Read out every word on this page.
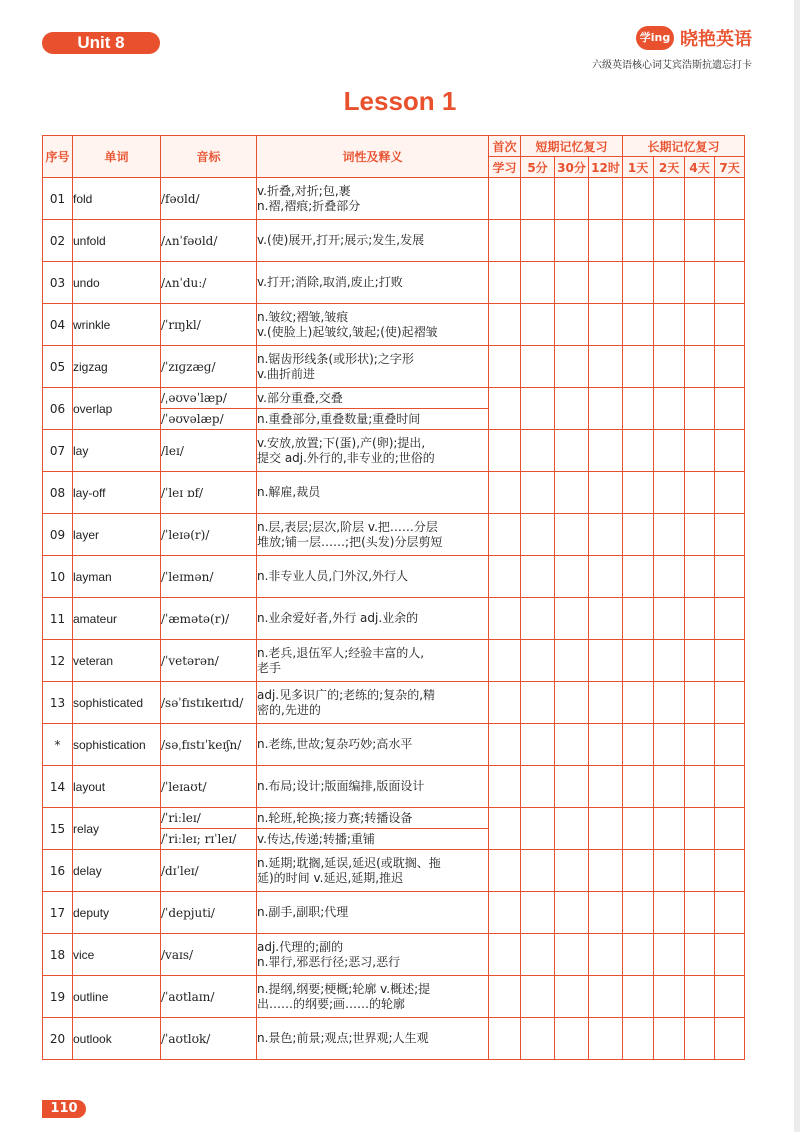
Unit 8	学ing 晓艳英语
六级英语核心词艾宾浩斯抗遗忘打卡
Lesson 1
序号	单词	音标	词性及释义	首次	短期记忆复习			长期记忆复习			
				学习	5分	30分	12时	1天	2天	4天	7天
01	fold	/fəʊld/	v.折叠,对折;包,裹
n.褶,褶痕;折叠部分								

02	unfold	/ʌnˈfəʊld/	v.(使)展开,打开;展示;发生,发展								

03	undo	/ʌnˈduː/	v.打开;消除,取消,废止;打败								

04	wrinkle	/ˈrɪŋkl/	n.皱纹;褶皱,皱痕
v.(使脸上)起皱纹,皱起;(使)起褶皱								

05	zigzag	/ˈzɪɡzæɡ/	n.锯齿形线条(或形状);之字形
v.曲折前进								

06	overlap	/ˌəʊvəˈlæp/	v.部分重叠,交叠								
		/ˈəʊvəlæp/	n.重叠部分,重叠数量;重叠时间								
07	lay	/leɪ/	v.安放,放置;下(蛋),产(卵);提出,
提交 adj.外行的,非专业的;世俗的								

08	lay-off	/ˈleɪ ɒf/	n.解雇,裁员								

09	layer	/ˈleɪə(r)/	n.层,表层;层次,阶层 v.把……分层
堆放;铺一层……;把(头发)分层剪短								

10	layman	/ˈleɪmən/	n.非专业人员,门外汉,外行人								

11	amateur	/ˈæmətə(r)/	n.业余爱好者,外行 adj.业余的								

12	veteran	/ˈvetərən/	n.老兵,退伍军人;经验丰富的人,
老手								

13	sophisticated	/səˈfɪstɪkeɪtɪd/	adj.见多识广的;老练的;复杂的,精
密的,先进的								

*	sophistication	/səˌfɪstɪˈkeɪʃn/	n.老练,世故;复杂巧妙;高水平								

14	layout	/ˈleɪaʊt/	n.布局;设计;版面编排,版面设计								

15	relay	/ˈriːleɪ/	n.轮班,轮换;接力赛;转播设备								
		/ˈriːleɪ; rɪˈleɪ/	v.传达,传递;转播;重铺								
16	delay	/dɪˈleɪ/	n.延期;耽搁,延误,延迟(或耽搁、拖
延)的时间 v.延迟,延期,推迟								

17	deputy	/ˈdepjuti/	n.副手,副职;代理								

18	vice	/vaɪs/	adj.代理的;副的
n.罪行,邪恶行径;恶习,恶行								

19	outline	/ˈaʊtlaɪn/	n.提纲,纲要;梗概;轮廓 v.概述;提
出……的纲要;画……的轮廓								

20	outlook	/ˈaʊtlʊk/	n.景色;前景;观点;世界观;人生观								

110
